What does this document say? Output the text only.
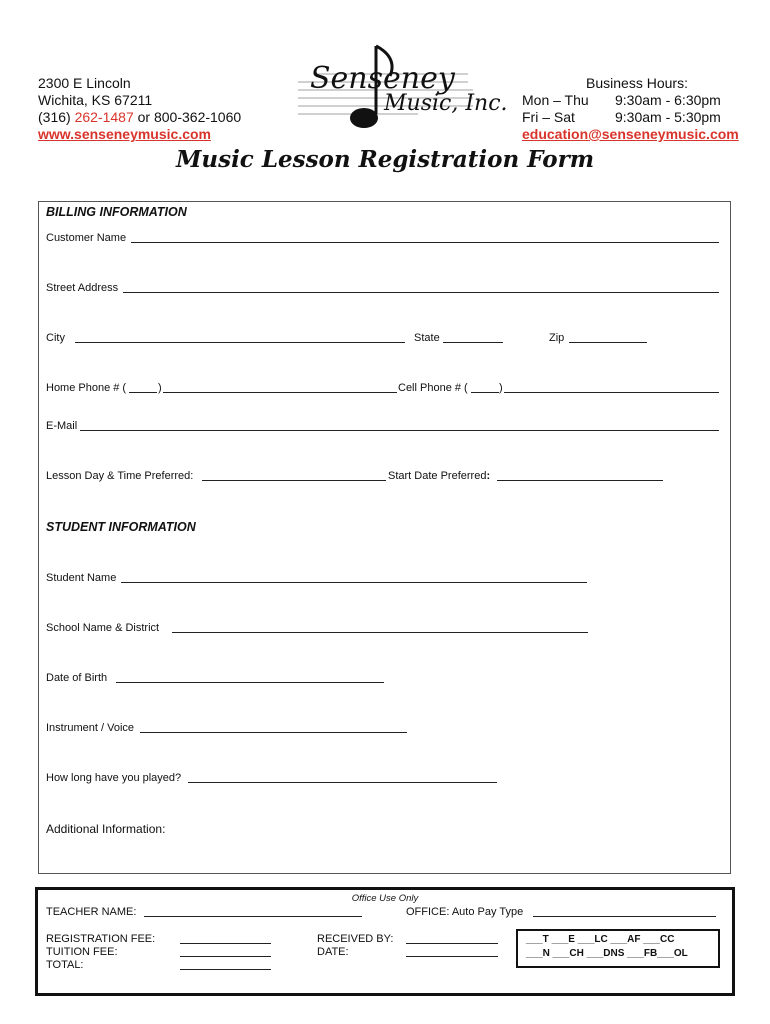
2300 E Lincoln
Wichita, KS 67211
(316) 262-1487 or 800-362-1060
www.senseneymusic.com
Senseney
Music, Inc.
Business Hours:
Mon – Thu	9:30am - 6:30pm
Fri – Sat	9:30am - 5:30pm
education@senseneymusic.com
Music Lesson Registration Form
BILLING INFORMATION
Customer Name
Street Address
City	State	Zip
Home Phone # (	)	Cell Phone # (	)
E-Mail
Lesson Day & Time Preferred:	Start Date Preferred:
STUDENT INFORMATION
Student Name
School Name & District
Date of Birth
Instrument / Voice
How long have you played?
Additional Information:
Office Use Only
TEACHER NAME:	OFFICE: Auto Pay Type
REGISTRATION FEE:
TUITION FEE:
TOTAL:
RECEIVED BY:
DATE:
___T ___E ___LC ___AF ___CC
___N ___CH ___DNS ___FB___OL
